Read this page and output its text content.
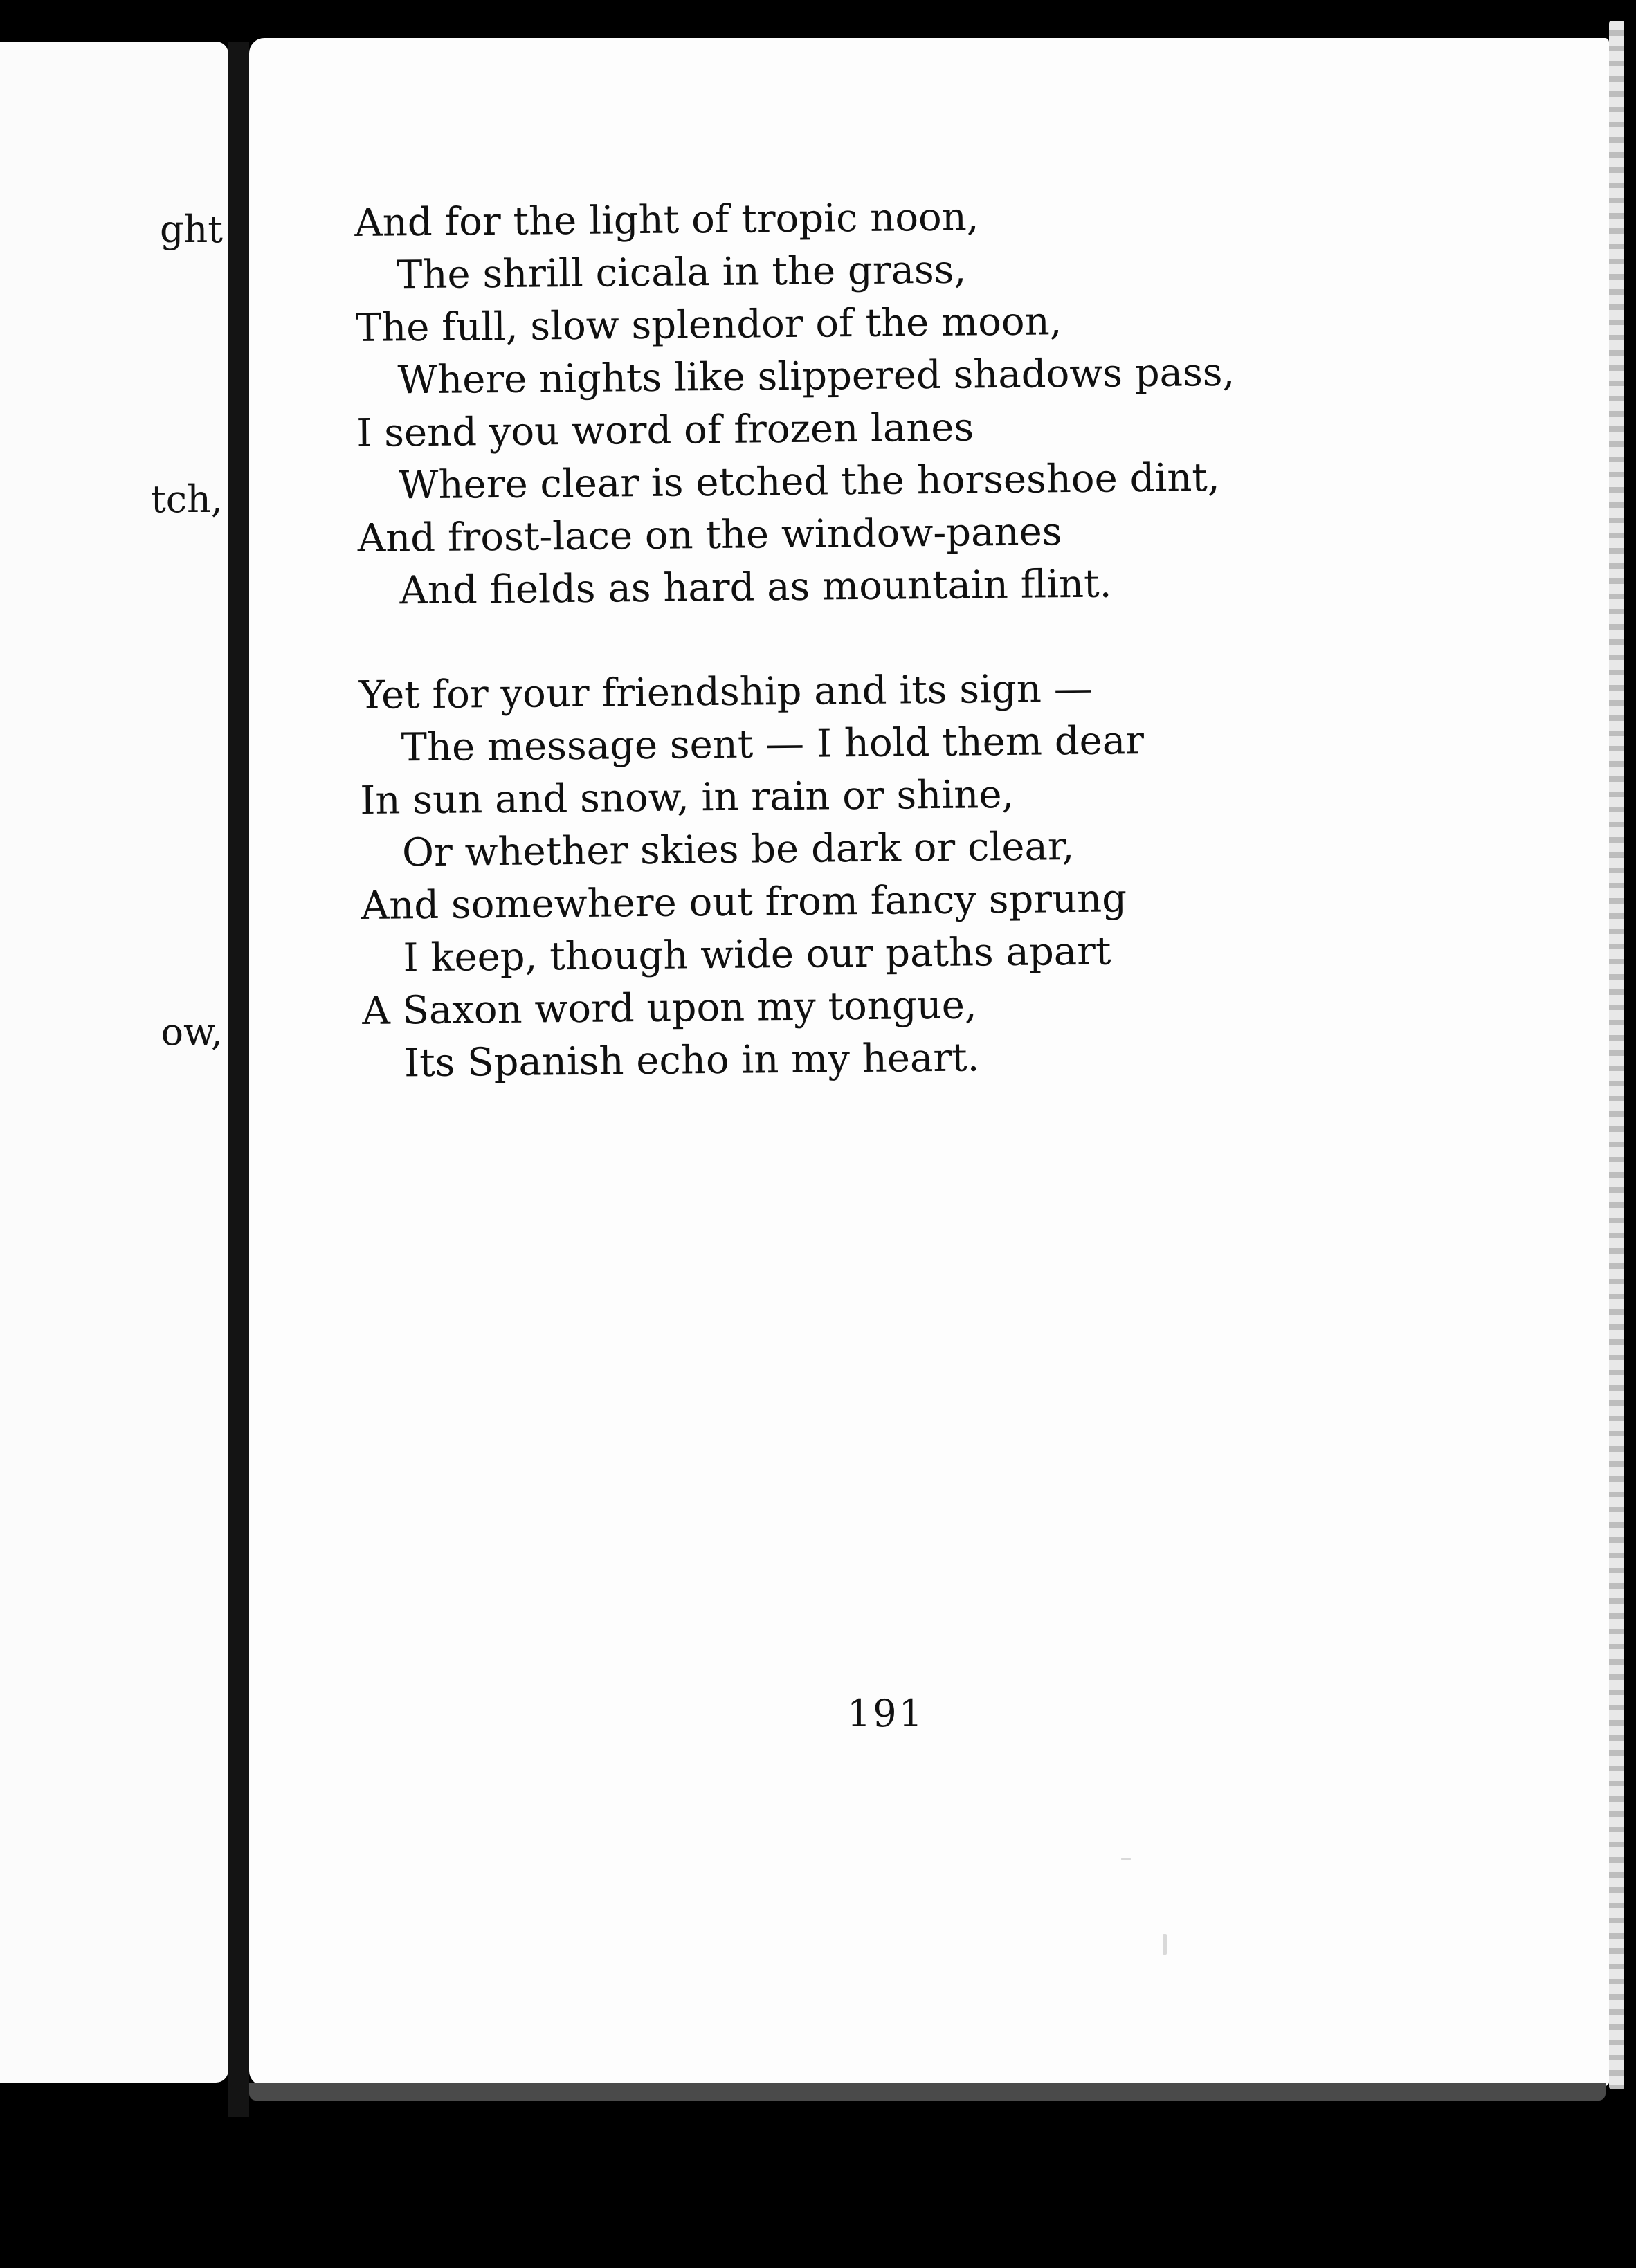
ght
tch,
ow,
And for the light of tropic noon,
The shrill cicala in the grass,
The full, slow splendor of the moon,
Where nights like slippered shadows pass,
I send you word of frozen lanes
Where clear is etched the horseshoe dint,
And frost-lace on the window-panes
And fields as hard as mountain flint.
Yet for your friendship and its sign —
The message sent — I hold them dear
In sun and snow, in rain or shine,
Or whether skies be dark or clear,
And somewhere out from fancy sprung
I keep, though wide our paths apart
A Saxon word upon my tongue,
Its Spanish echo in my heart.
191
